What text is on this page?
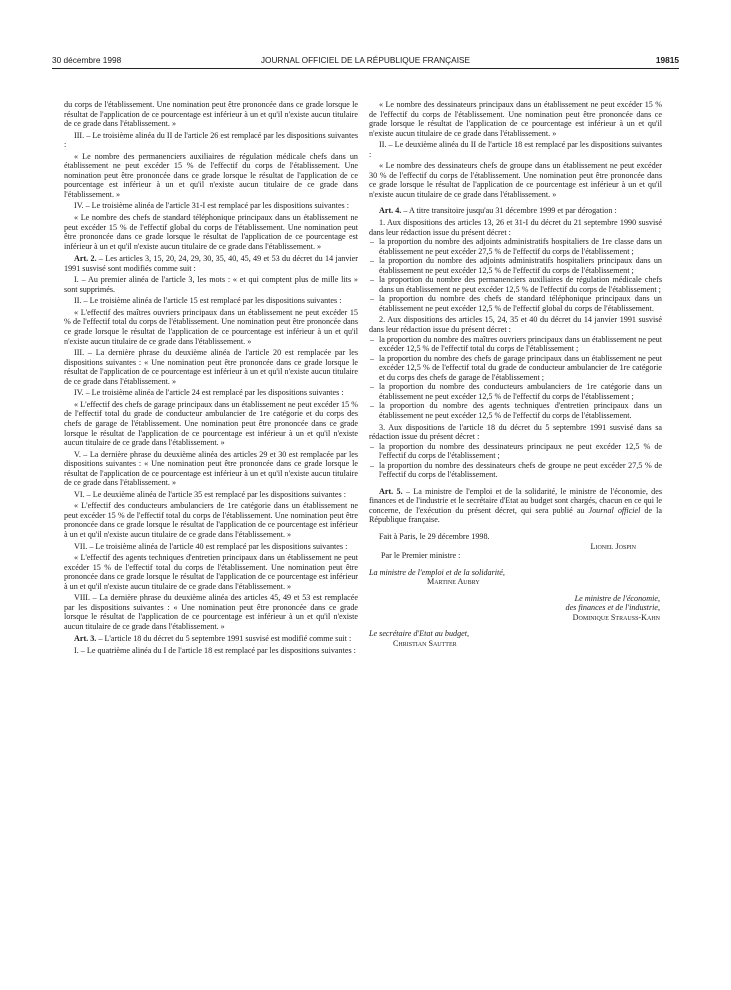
30 décembre 1998	JOURNAL OFFICIEL DE LA RÉPUBLIQUE FRANÇAISE	19815

du corps de l'établissement. Une nomination peut être prononcée dans ce grade lorsque le résultat de l'application de ce pourcentage est inférieur à un et qu'il n'existe aucun titulaire de ce grade dans l'établissement. »

III. – Le troisième alinéa du II de l'article 26 est remplacé par les dispositions suivantes :

« Le nombre des permanenciers auxiliaires de régulation médicale chefs dans un établissement ne peut excéder 15 % de l'effectif du corps de l'établissement. Une nomination peut être prononcée dans ce grade lorsque le résultat de l'application de ce pourcentage est inférieur à un et qu'il n'existe aucun titulaire de ce grade dans l'établissement. »

IV. – Le troisième alinéa de l'article 31-I est remplacé par les dispositions suivantes :

« Le nombre des chefs de standard téléphonique principaux dans un établissement ne peut excéder 15 % de l'effectif global du corps de l'établissement. Une nomination peut être prononcée dans ce grade lorsque le résultat de l'application de ce pourcentage est inférieur à un et qu'il n'existe aucun titulaire de ce grade dans l'établissement. »

Art. 2. – Les articles 3, 15, 20, 24, 29, 30, 35, 40, 45, 49 et 53 du décret du 14 janvier 1991 susvisé sont modifiés comme suit :

I. – Au premier alinéa de l'article 3, les mots : « et qui comptent plus de mille lits » sont supprimés.

II. – Le troisième alinéa de l'article 15 est remplacé par les dispositions suivantes :

« L'effectif des maîtres ouvriers principaux dans un établissement ne peut excéder 15 % de l'effectif total du corps de l'établissement. Une nomination peut être prononcée dans ce grade lorsque le résultat de l'application de ce pourcentage est inférieur à un et qu'il n'existe aucun titulaire de ce grade dans l'établissement. »

III. – La dernière phrase du deuxième alinéa de l'article 20 est remplacée par les dispositions suivantes : « Une nomination peut être prononcée dans ce grade lorsque le résultat de l'application de ce pourcentage est inférieur à un et qu'il n'existe aucun titulaire de ce grade dans l'établissement. »

IV. – Le troisième alinéa de l'article 24 est remplacé par les dispositions suivantes :

« L'effectif des chefs de garage principaux dans un établissement ne peut excéder 15 % de l'effectif total du grade de conducteur ambulancier de 1re catégorie et du corps des chefs de garage de l'établissement. Une nomination peut être prononcée dans ce grade lorsque le résultat de l'application de ce pourcentage est inférieur à un et qu'il n'existe aucun titulaire de ce grade dans l'établissement. »

V. – La dernière phrase du deuxième alinéa des articles 29 et 30 est remplacée par les dispositions suivantes : « Une nomination peut être prononcée dans ce grade lorsque le résultat de l'application de ce pourcentage est inférieur à un et qu'il n'existe aucun titulaire de ce grade dans l'établissement. »

VI. – Le deuxième alinéa de l'article 35 est remplacé par les dispositions suivantes :

« L'effectif des conducteurs ambulanciers de 1re catégorie dans un établissement ne peut excéder 15 % de l'effectif total du corps de l'établissement. Une nomination peut être prononcée dans ce grade lorsque le résultat de l'application de ce pourcentage est inférieur à un et qu'il n'existe aucun titulaire de ce grade dans l'établissement. »

VII. – Le troisième alinéa de l'article 40 est remplacé par les dispositions suivantes :

« L'effectif des agents techniques d'entretien principaux dans un établissement ne peut excéder 15 % de l'effectif total du corps de l'établissement. Une nomination peut être prononcée dans ce grade lorsque le résultat de l'application de ce pourcentage est inférieur à un et qu'il n'existe aucun titulaire de ce grade dans l'établissement. »

VIII. – La dernière phrase du deuxième alinéa des articles 45, 49 et 53 est remplacée par les dispositions suivantes : « Une nomination peut être prononcée dans ce grade lorsque le résultat de l'application de ce pourcentage est inférieur à un et qu'il n'existe aucun titulaire de ce grade dans l'établissement. »

Art. 3. – L'article 18 du décret du 5 septembre 1991 susvisé est modifié comme suit :

I. – Le quatrième alinéa du I de l'article 18 est remplacé par les dispositions suivantes :

« Le nombre des dessinateurs principaux dans un établissement ne peut excéder 15 % de l'effectif du corps de l'établissement. Une nomination peut être prononcée dans ce grade lorsque le résultat de l'application de ce pourcentage est inférieur à un et qu'il n'existe aucun titulaire de ce grade dans l'établissement. »

II. – Le deuxième alinéa du II de l'article 18 est remplacé par les dispositions suivantes :

« Le nombre des dessinateurs chefs de groupe dans un établissement ne peut excéder 30 % de l'effectif du corps de l'établissement. Une nomination peut être prononcée dans ce grade lorsque le résultat de l'application de ce pourcentage est inférieur à un et qu'il n'existe aucun titulaire de ce grade dans l'établissement. »

Art. 4. – A titre transitoire jusqu'au 31 décembre 1999 et par dérogation :

1. Aux dispositions des articles 13, 26 et 31-I du décret du 21 septembre 1990 susvisé dans leur rédaction issue du présent décret :

– la proportion du nombre des adjoints administratifs hospitaliers de 1re classe dans un établissement ne peut excéder 27,5 % de l'effectif du corps de l'établissement ;
– la proportion du nombre des adjoints administratifs hospitaliers principaux dans un établissement ne peut excéder 12,5 % de l'effectif du corps de l'établissement ;
– la proportion du nombre des permanenciers auxiliaires de régulation médicale chefs dans un établissement ne peut excéder 12,5 % de l'effectif du corps de l'établissement ;
– la proportion du nombre des chefs de standard téléphonique principaux dans un établissement ne peut excéder 12,5 % de l'effectif global du corps de l'établissement.

2. Aux dispositions des articles 15, 24, 35 et 40 du décret du 14 janvier 1991 susvisé dans leur rédaction issue du présent décret :

– la proportion du nombre des maîtres ouvriers principaux dans un établissement ne peut excéder 12,5 % de l'effectif total du corps de l'établissement ;
– la proportion du nombre des chefs de garage principaux dans un établissement ne peut excéder 12,5 % de l'effectif total du grade de conducteur ambulancier de 1re catégorie et du corps des chefs de garage de l'établissement ;
– la proportion du nombre des conducteurs ambulanciers de 1re catégorie dans un établissement ne peut excéder 12,5 % de l'effectif du corps de l'établissement ;
– la proportion du nombre des agents techniques d'entretien principaux dans un établissement ne peut excéder 12,5 % de l'effectif du corps de l'établissement.

3. Aux dispositions de l'article 18 du décret du 5 septembre 1991 susvisé dans sa rédaction issue du présent décret :

– la proportion du nombre des dessinateurs principaux ne peut excéder 12,5 % de l'effectif du corps de l'établissement ;
– la proportion du nombre des dessinateurs chefs de groupe ne peut excéder 27,5 % de l'effectif du corps de l'établissement.

Art. 5. – La ministre de l'emploi et de la solidarité, le ministre de l'économie, des finances et de l'industrie et le secrétaire d'Etat au budget sont chargés, chacun en ce qui le concerne, de l'exécution du présent décret, qui sera publié au Journal officiel de la République française.

Fait à Paris, le 29 décembre 1998.

Lionel Jospin
Par le Premier ministre :
La ministre de l'emploi et de la solidarité,
Martine Aubry
Le ministre de l'économie,
des finances et de l'industrie,
Dominique Strauss-Kahn
Le secrétaire d'Etat au budget,
Christian Sautter
